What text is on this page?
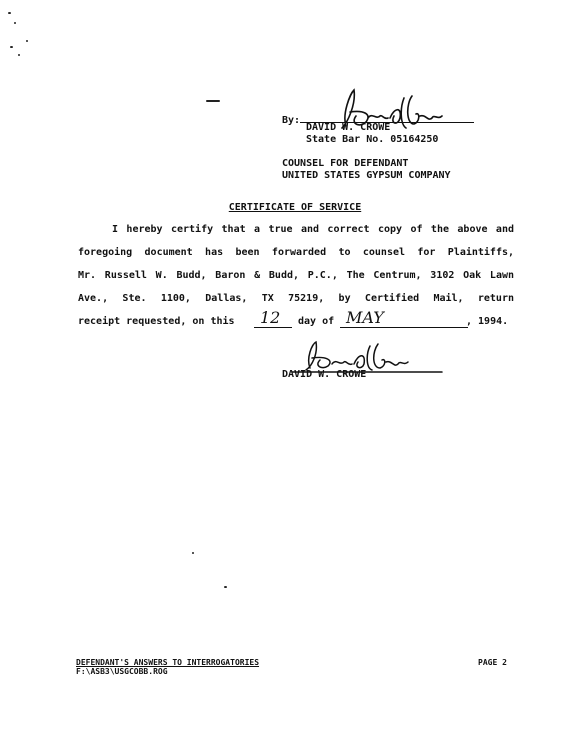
By:
DAVID W. CROWE
State Bar No. 05164250
COUNSEL FOR DEFENDANT
UNITED STATES GYPSUM COMPANY
CERTIFICATE OF SERVICE
I hereby certify that a true and correct copy of the above and
foregoing document has been forwarded to counsel for Plaintiffs,
Mr. Russell W. Budd, Baron & Budd, P.C., The Centrum, 3102 Oak Lawn
Ave., Ste. 1100, Dallas, TX 75219, by Certified Mail, return
receipt requested, on this 12 day of MAY	, 1994.
DAVID W. CROWE
DEFENDANT'S ANSWERS TO INTERROGATORIES
F:\ASB3\USGCOBB.ROG
PAGE 2
